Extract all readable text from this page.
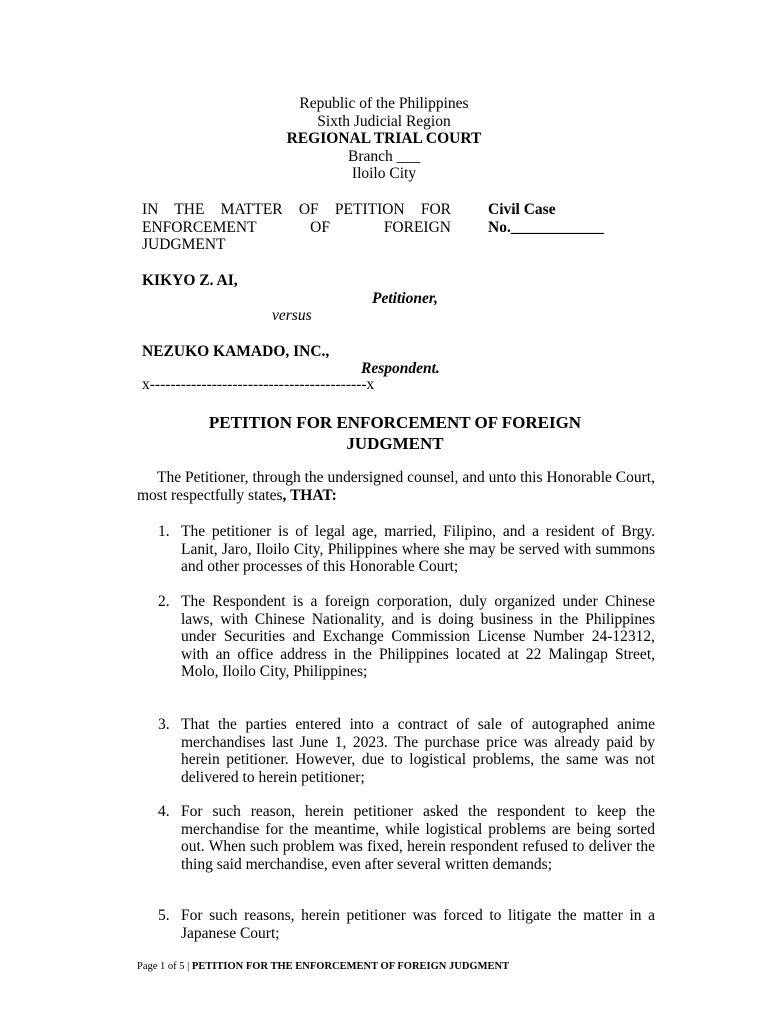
Republic of the Philippines
Sixth Judicial Region
REGIONAL TRIAL COURT
Branch ___
Iloilo City
IN THE MATTER OF PETITION FOR
ENFORCEMENT OF FOREIGN
JUDGMENT
Civil Case
No.____________
KIKYO Z. AI,
Petitioner,
versus
NEZUKO KAMADO, INC.,
Respondent.
x------------------------------------------x
PETITION FOR ENFORCEMENT OF FOREIGN
JUDGMENT
The Petitioner, through the undersigned counsel, and unto this Honorable Court, most respectfully states, THAT:
1. The petitioner is of legal age, married, Filipino, and a resident of Brgy. Lanit, Jaro, Iloilo City, Philippines where she may be served with summons and other processes of this Honorable Court;
2. The Respondent is a foreign corporation, duly organized under Chinese laws, with Chinese Nationality, and is doing business in the Philippines under Securities and Exchange Commission License Number 24-12312, with an office address in the Philippines located at 22 Malingap Street, Molo, Iloilo City, Philippines;
3. That the parties entered into a contract of sale of autographed anime merchandises last June 1, 2023. The purchase price was already paid by herein petitioner. However, due to logistical problems, the same was not delivered to herein petitioner;
4. For such reason, herein petitioner asked the respondent to keep the merchandise for the meantime, while logistical problems are being sorted out. When such problem was fixed, herein respondent refused to deliver the thing said merchandise, even after several written demands;
5. For such reasons, herein petitioner was forced to litigate the matter in a Japanese Court;
Page 1 of 5 | PETITION FOR THE ENFORCEMENT OF FOREIGN JUDGMENT
